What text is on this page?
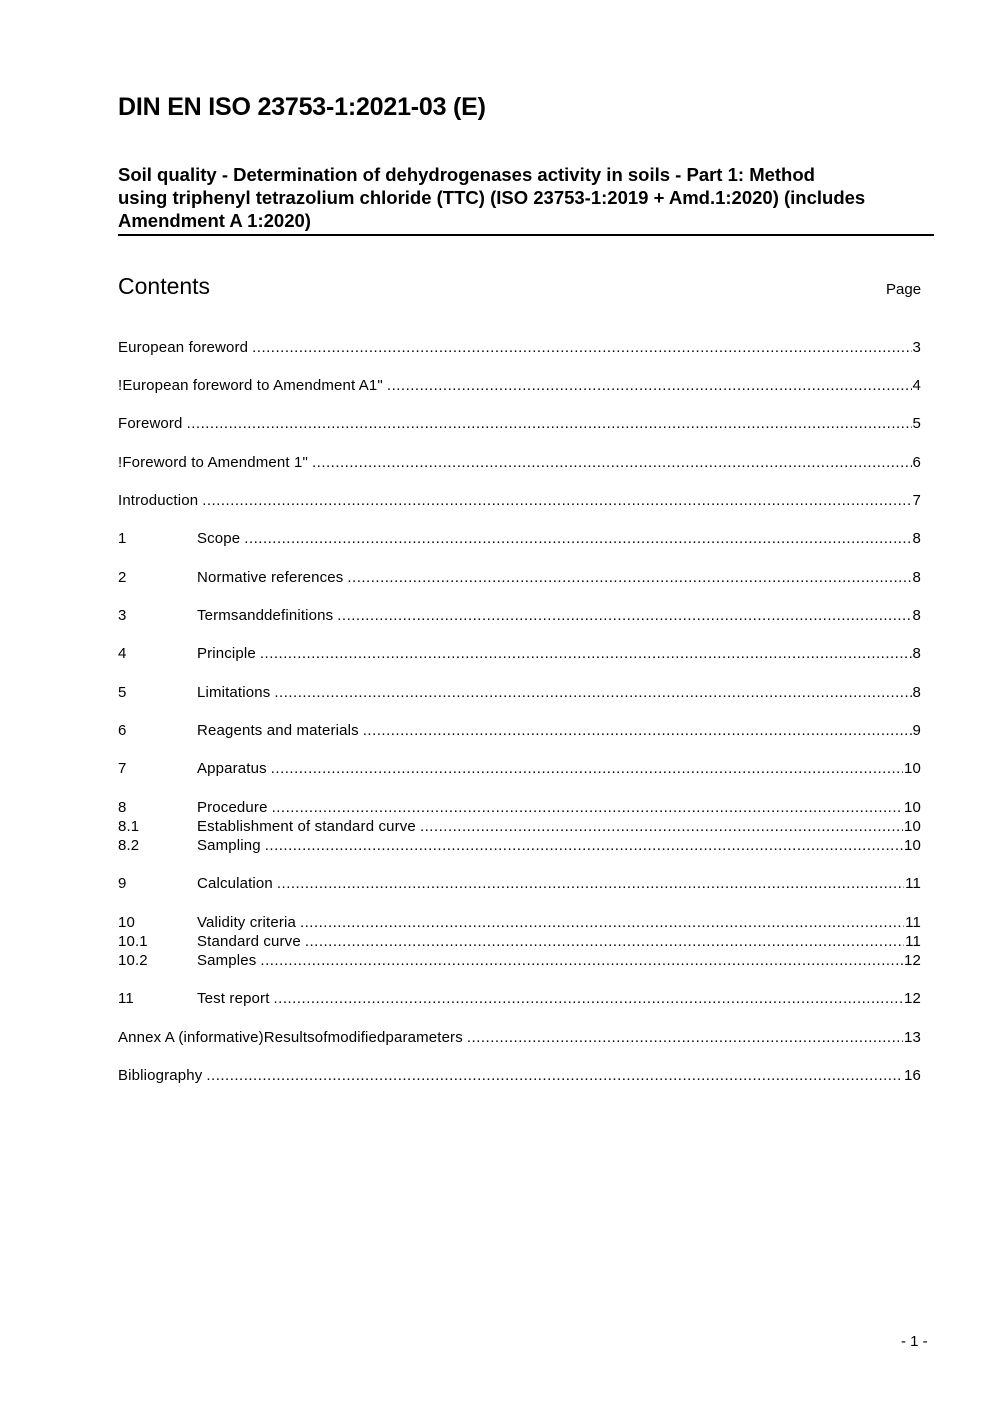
DIN EN ISO 23753-1:2021-03 (E)
Soil quality - Determination of dehydrogenases activity in soils - Part 1: Method
using triphenyl tetrazolium chloride (TTC) (ISO 23753-1:2019 + Amd.1:2020) (includes
Amendment A 1:2020)
Contents	Page
European foreword .....	3
!European foreword to Amendment A1" .....	4
Foreword .....	5
!Foreword to Amendment 1" .....	6
Introduction .....	7
1	Scope .....	8
2	Normative references .....	8
3	Termsanddefinitions .....	8
4	Principle .....	8
5	Limitations .....	8
6	Reagents and materials .....	9
7	Apparatus .....	10
8	Procedure .....	10
8.1	Establishment of standard curve .....	10
8.2	Sampling .....	10
9	Calculation .....	11
10	Validity criteria .....	11
10.1	Standard curve .....	11
10.2	Samples .....	12
11	Test report .....	12
Annex A (informative)Resultsofmodifiedparameters .....	13
Bibliography .....	16
- 1 -
